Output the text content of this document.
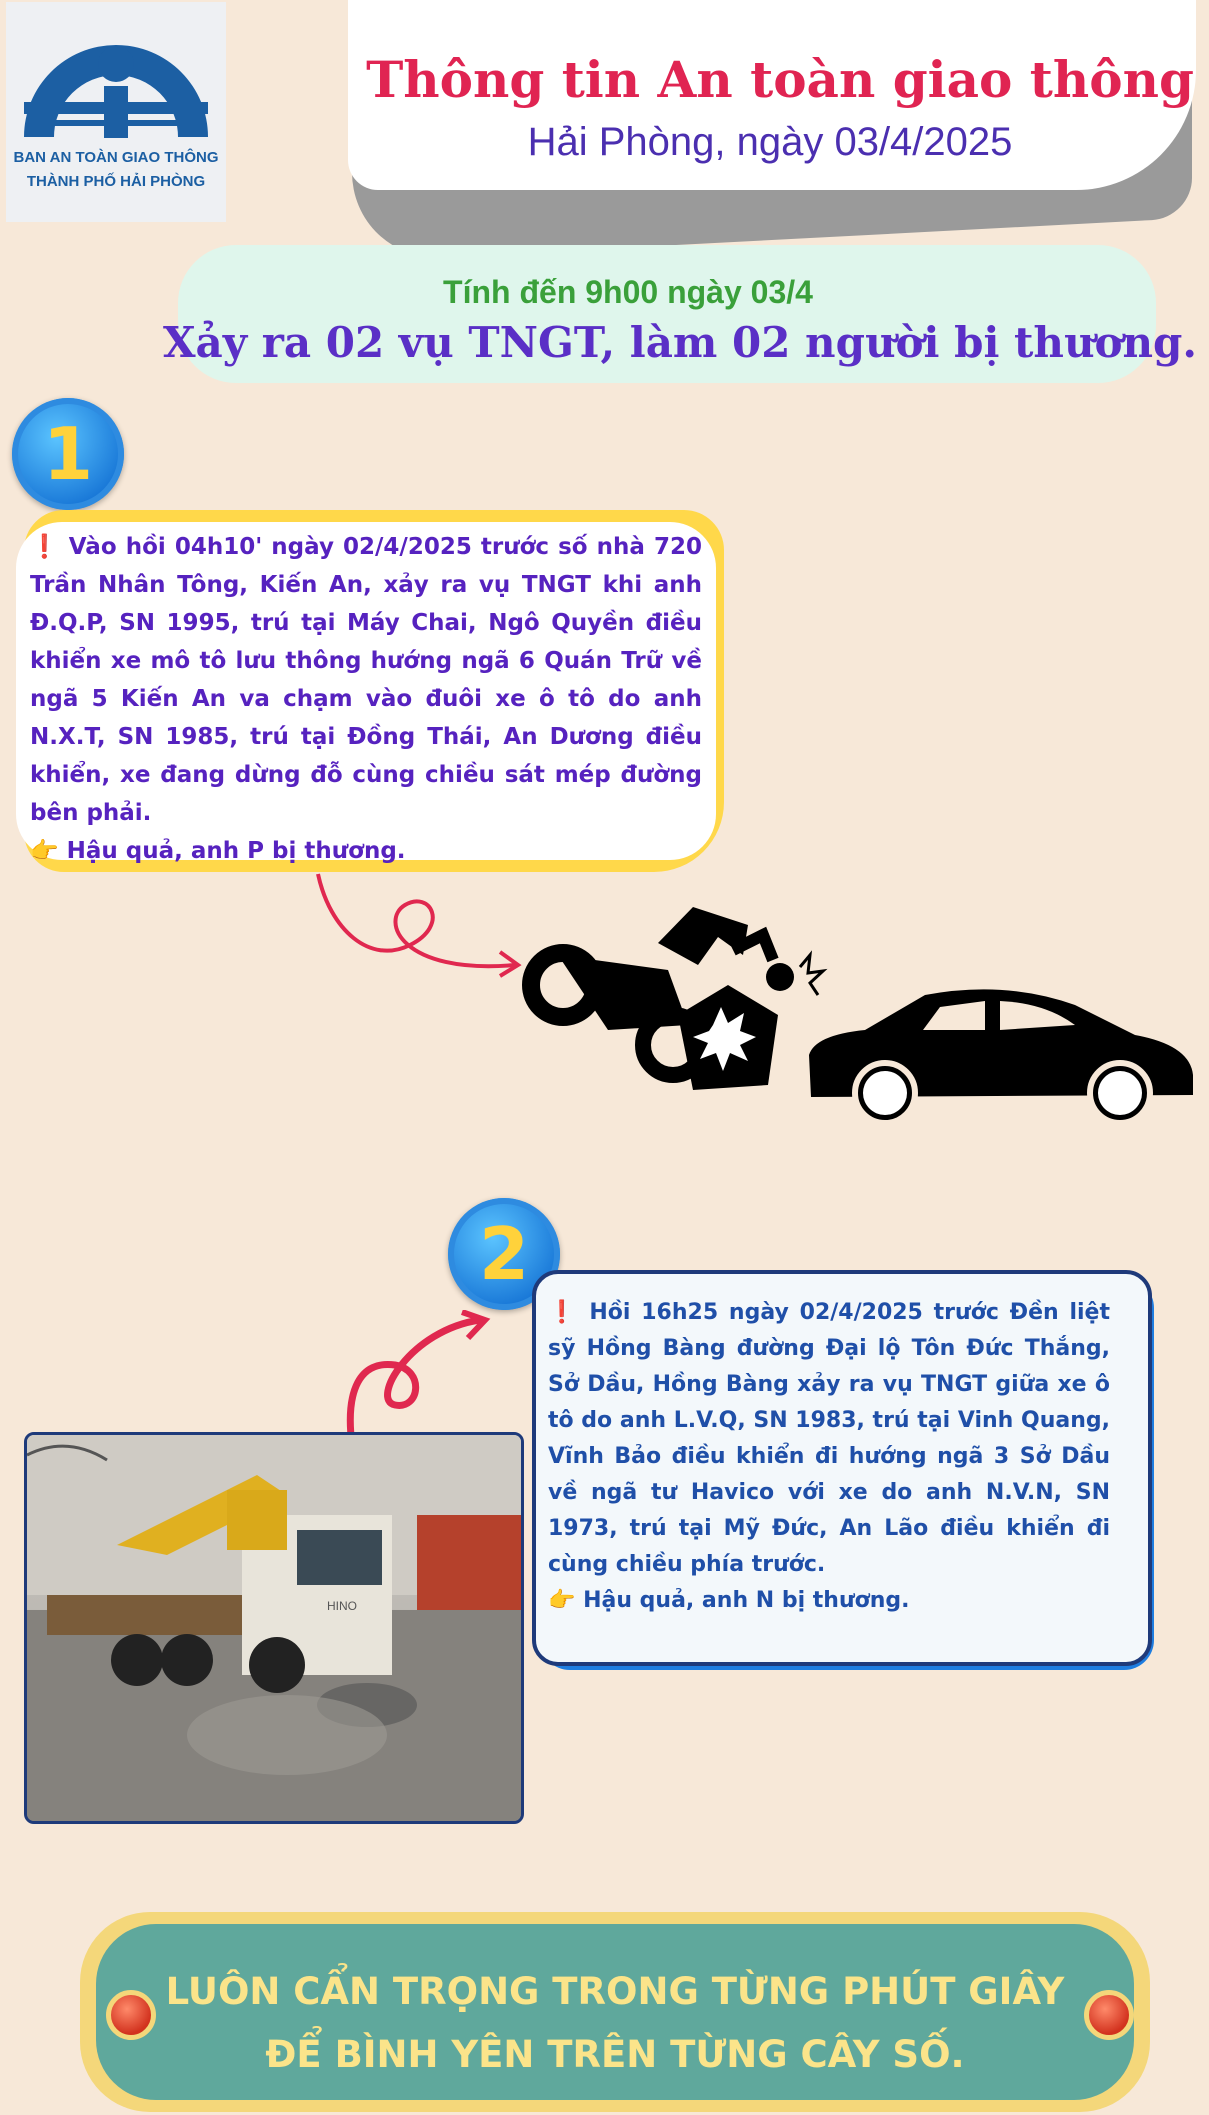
BAN AN TOÀN GIAO THÔNG
THÀNH PHỐ HẢI PHÒNG
Thông tin An toàn giao thông
Hải Phòng, ngày 03/4/2025
Tính đến 9h00 ngày 03/4
Xảy ra 02 vụ TNGT, làm 02 người bị thương.
1
❗ Vào hồi 04h10' ngày 02/4/2025 trước số nhà 720 Trần Nhân Tông, Kiến An, xảy ra vụ TNGT khi anh Đ.Q.P, SN 1995, trú tại Máy Chai, Ngô Quyền điều khiển xe mô tô lưu thông hướng ngã 6 Quán Trữ về ngã 5 Kiến An va chạm vào đuôi xe ô tô do anh N.X.T, SN 1985, trú tại Đồng Thái, An Dương điều khiển, xe đang dừng đỗ cùng chiều sát mép đường bên phải.
👉 Hậu quả, anh P bị thương.
2
❗ Hồi 16h25 ngày 02/4/2025 trước Đền liệt sỹ Hồng Bàng đường Đại lộ Tôn Đức Thắng, Sở Dầu, Hồng Bàng xảy ra vụ TNGT giữa xe ô tô do anh L.V.Q, SN 1983, trú tại Vinh Quang, Vĩnh Bảo điều khiển đi hướng ngã 3 Sở Dầu về ngã tư Havico với xe do anh N.V.N, SN 1973, trú tại Mỹ Đức, An Lão điều khiển đi cùng chiều phía trước.
👉 Hậu quả, anh N bị thương.
HINO
LUÔN CẨN TRỌNG TRONG TỪNG PHÚT GIÂY
ĐỂ BÌNH YÊN TRÊN TỪNG CÂY SỐ.
